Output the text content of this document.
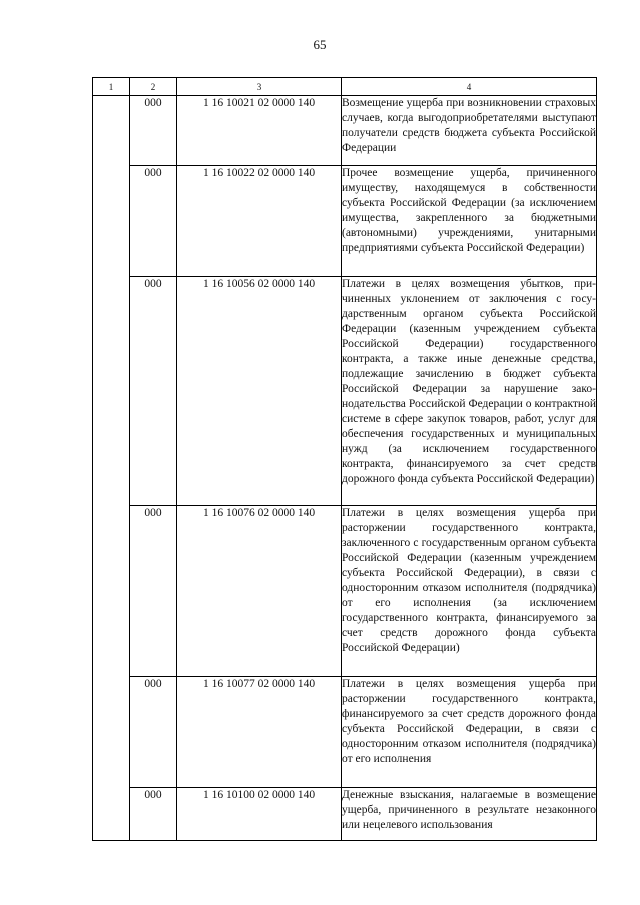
65
1	2	3	4
	000	1 16 10021 02 0000 140	Возмещение ущерба при возникновении страховых случаев, когда выгодоприобретателями выступают получатели средств бюджета субъекта Российской Федерации
	000	1 16 10022 02 0000 140	Прочее возмещение ущерба, причиненного имуществу, находящемуся в собственности субъекта Российской Федерации (за исключением имущества, закрепленного за бюджетными (автономными) учреждениями, унитарными предприятиями субъекта Российской Федерации)
	000	1 16 10056 02 0000 140	Платежи в целях возмещения убытков, причиненных уклонением от заключения с государственным органом субъекта Российской Федерации (казенным учреждением субъекта Российской Федерации) государственного контракта, а также иные денежные средства, подлежащие зачислению в бюджет субъекта Российской Федерации за нарушение законодательства Российской Федерации о контрактной системе в сфере закупок товаров, работ, услуг для обеспечения государственных и муниципальных нужд (за исключением государственного контракта, финансируемого за счет средств дорожного фонда субъекта Российской Федерации)
	000	1 16 10076 02 0000 140	Платежи в целях возмещения ущерба при расторжении государственного контракта, заключенного с государственным органом субъекта Российской Федерации (казенным учреждением субъекта Российской Федерации), в связи с односторонним отказом исполнителя (подрядчика) от его исполнения (за исключением государственного контракта, финансируемого за счет средств дорожного фонда субъекта Российской Федерации)
	000	1 16 10077 02 0000 140	Платежи в целях возмещения ущерба при расторжении государственного контракта, финансируемого за счет средств дорожного фонда субъекта Российской Федерации, в связи с односторонним отказом исполнителя (подрядчика) от его исполнения
	000	1 16 10100 02 0000 140	Денежные взыскания, налагаемые в возмещение ущерба, причиненного в результате незаконного или нецелевого использования
